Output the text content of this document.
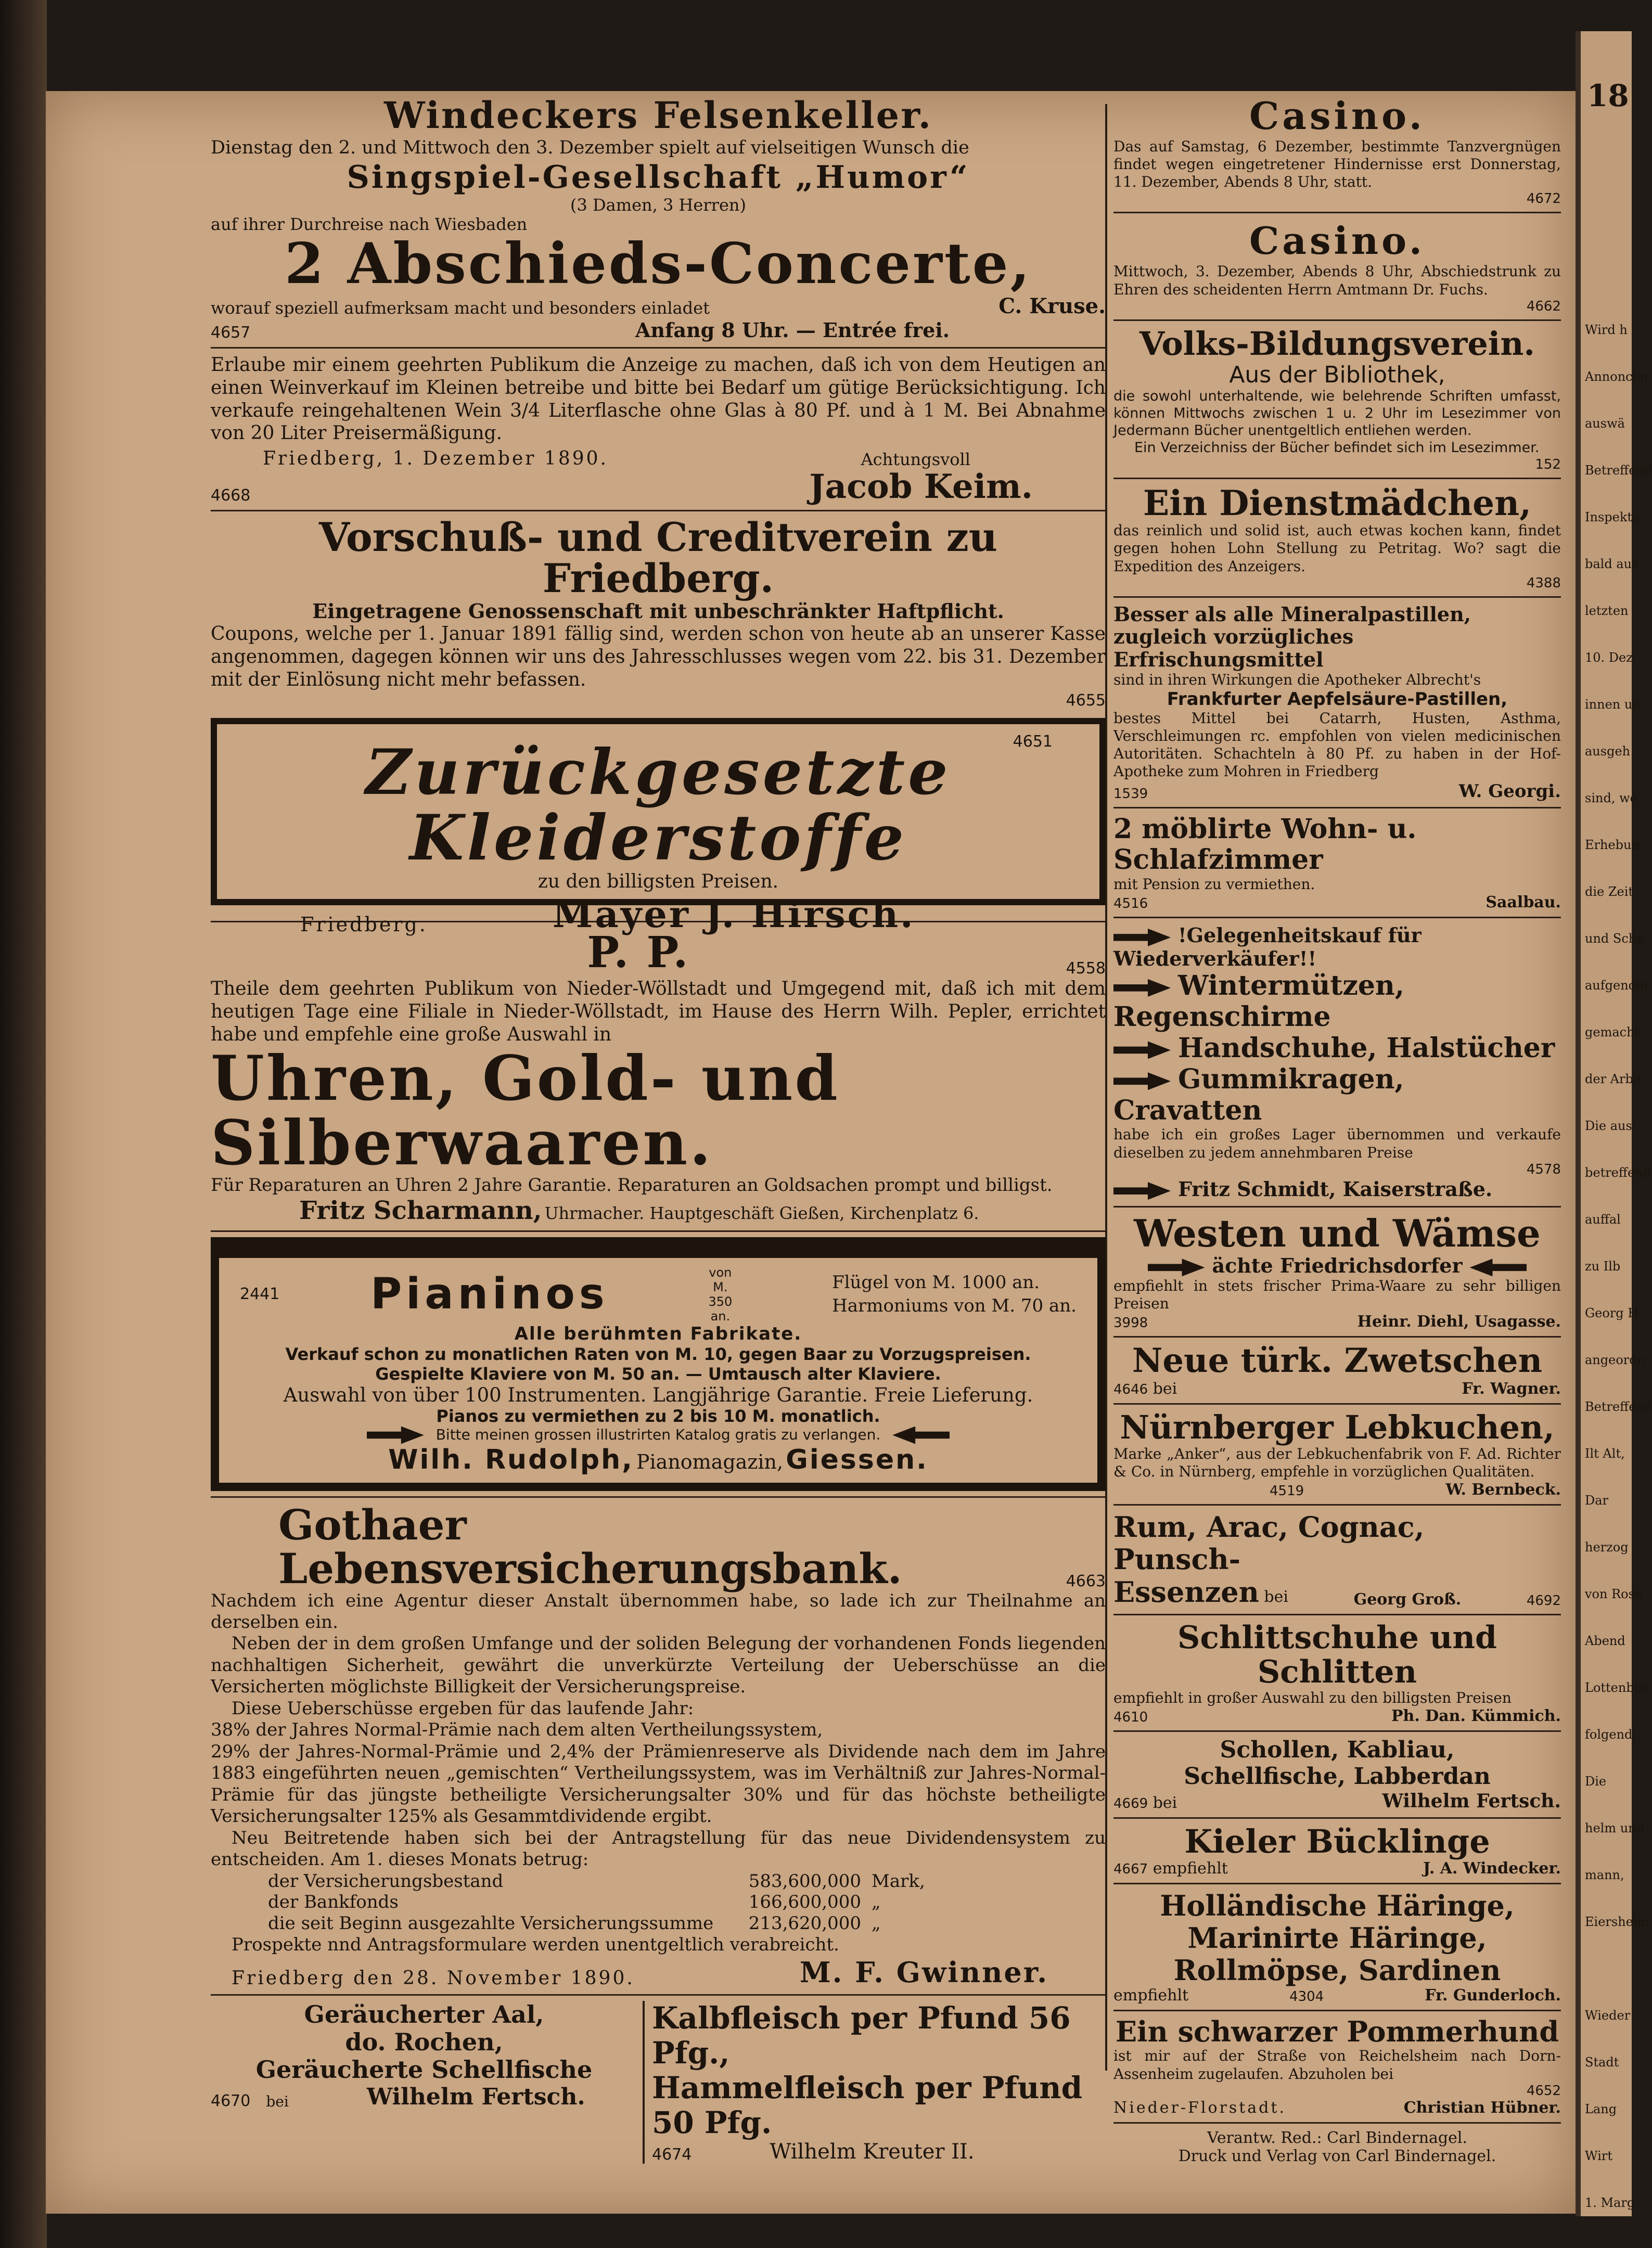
Wird h
Annoncen
auswä
Betreffend
Inspekto
bald aus
letzten
10. Dez
innen un
ausgeh
sind, we
Erhebun
die Zeit
und Sche
aufgenom
gemacht
der Arbe
Die aus
betreffend
auffal
zu Ilb
Georg H
angeordn
Betreffend
Ilt Alt,
Dar
herzog
von Rose
Abend
Lottenbur
folgend,
Die
helm und
mann,
Eiersheim
Wieder
Stadt
Lang
Wirt
1. Marg
18
Windeckers Felsenkeller.
Dienstag den 2. und Mittwoch den 3. Dezember spielt auf vielseitigen Wunsch die
Singspiel-Gesellschaft „Humor“
(3 Damen, 3 Herren)
auf ihrer Durchreise nach Wiesbaden
2 Abschieds-Concerte,
worauf speziell aufmerksam macht und besonders einladet	C. Kruse.
4657	Anfang 8 Uhr. — Entrée frei.
Erlaube mir einem geehrten Publikum die Anzeige zu machen, daß ich von dem Heutigen an einen Weinverkauf im Kleinen betreibe und bitte bei Bedarf um gütige Berücksichtigung. Ich verkaufe reingehaltenen Wein 3/4 Literflasche ohne Glas à 80 Pf. und à 1 M. Bei Abnahme von 20 Liter Preisermäßigung.
Friedberg, 1. Dezember 1890.	Achtungsvoll
4668	Jacob Keim.
Vorschuß- und Creditverein zu Friedberg.
Eingetragene Genossenschaft mit unbeschränkter Haftpflicht.
Coupons, welche per 1. Januar 1891 fällig sind, werden schon von heute ab an unserer Kasse angenommen, dagegen können wir uns des Jahresschlusses wegen vom 22. bis 31. Dezember mit der Einlösung nicht mehr befassen.
4655
4651
Zurückgesetzte Kleiderstoffe
zu den billigsten Preisen.
Friedberg.	Mayer J. Hirsch.
P. P.	4558
Theile dem geehrten Publikum von Nieder-Wöllstadt und Umgegend mit, daß ich mit dem heutigen Tage eine Filiale in Nieder-Wöllstadt, im Hause des Herrn Wilh. Pepler, errichtet habe und empfehle eine große Auswahl in
Uhren, Gold- und Silberwaaren.
Für Reparaturen an Uhren 2 Jahre Garantie. Reparaturen an Goldsachen prompt und billigst.
Fritz Scharmann, Uhrmacher. Hauptgeschäft Gießen, Kirchenplatz 6.
2441 Pianinos	von M. 350 an.
Flügel von M. 1000 an.
Harmoniums von M. 70 an.
Alle berühmten Fabrikate.
Verkauf schon zu monatlichen Raten von M. 10, gegen Baar zu Vorzugspreisen.
Gespielte Klaviere von M. 50 an. — Umtausch alter Klaviere.
Auswahl von über 100 Instrumenten. Langjährige Garantie. Freie Lieferung.
Pianos zu vermiethen zu 2 bis 10 M. monatlich.
Bitte meinen grossen illustrirten Katalog gratis zu verlangen.
Wilh. Rudolph, Pianomagazin, Giessen.
Gothaer Lebensversicherungsbank.	4663
Nachdem ich eine Agentur dieser Anstalt übernommen habe, so lade ich zur Theilnahme an derselben ein.
Neben der in dem großen Umfange und der soliden Belegung der vorhandenen Fonds liegenden nachhaltigen Sicherheit, gewährt die unverkürzte Verteilung der Ueberschüsse an die Versicherten möglichste Billigkeit der Versicherungspreise.
Diese Ueberschüsse ergeben für das laufende Jahr:
38% der Jahres Normal-Prämie nach dem alten Vertheilungssystem,
29% der Jahres-Normal-Prämie und 2,4% der Prämienreserve als Dividende nach dem im Jahre 1883 eingeführten neuen „gemischten“ Vertheilungssystem, was im Verhältniß zur Jahres-Normal-Prämie für das jüngste betheiligte Versicherungsalter 30% und für das höchste betheiligte Versicherungsalter 125% als Gesammtdividende ergibt.
Neu Beitretende haben sich bei der Antragstellung für das neue Dividendensystem zu entscheiden. Am 1. dieses Monats betrug:
der Versicherungsbestand	583,600,000 Mark,
der Bankfonds	166,600,000 „
die seit Beginn ausgezahlte Versicherungssumme	213,620,000 „
Prospekte nnd Antragsformulare werden unentgeltlich verabreicht.
Friedberg den 28. November 1890.	M. F. Gwinner.
Geräucherter Aal,
do. Rochen,
Geräucherte Schellfische
4670 bei	Wilhelm Fertsch.
Kalbfleisch per Pfund 56 Pfg.,
Hammelfleisch per Pfund 50 Pfg.
4674	Wilhelm Kreuter II.
Casino.
Das auf Samstag, 6 Dezember, bestimmte Tanzvergnügen findet wegen eingetretener Hindernisse erst Donnerstag, 11. Dezember, Abends 8 Uhr, statt.
4672
Casino.
Mittwoch, 3. Dezember, Abends 8 Uhr, Abschiedstrunk zu Ehren des scheidenten Herrn Amtmann Dr. Fuchs.
4662
Volks-Bildungsverein.
Aus der Bibliothek,
die sowohl unterhaltende, wie belehrende Schriften umfasst, können Mittwochs zwischen 1 u. 2 Uhr im Lesezimmer von Jedermann Bücher unentgeltlich entliehen werden.
Ein Verzeichniss der Bücher befindet sich im Lesezimmer.
152
Ein Dienstmädchen,
das reinlich und solid ist, auch etwas kochen kann, findet gegen hohen Lohn Stellung zu Petritag. Wo? sagt die Expedition des Anzeigers.
4388
Besser als alle Mineralpastillen, zugleich vorzügliches Erfrischungsmittel
sind in ihren Wirkungen die Apotheker Albrecht's
Frankfurter Aepfelsäure-Pastillen,
bestes Mittel bei Catarrh, Husten, Asthma, Verschleimungen rc. empfohlen von vielen medicinischen Autoritäten. Schachteln à 80 Pf. zu haben in der Hof-Apotheke zum Mohren in Friedberg
1539	W. Georgi.
2 möblirte Wohn- u. Schlafzimmer
mit Pension zu vermiethen.
4516	Saalbau.
!Gelegenheitskauf für Wiederverkäufer!!
Wintermützen, Regenschirme
Handschuhe, Halstücher
Gummikragen, Cravatten
habe ich ein großes Lager übernommen und verkaufe dieselben zu jedem annehmbaren Preise
4578
Fritz Schmidt, Kaiserstraße.
Westen und Wämse
ächte Friedrichsdorfer
empfiehlt in stets frischer Prima-Waare zu sehr billigen Preisen
3998	Heinr. Diehl, Usagasse.
Neue türk. Zwetschen
4646 bei	Fr. Wagner.
Nürnberger Lebkuchen,
Marke „Anker“, aus der Lebkuchenfabrik von F. Ad. Richter & Co. in Nürnberg, empfehle in vorzüglichen Qualitäten.
4519	W. Bernbeck.
Rum, Arac, Cognac, Punsch-
Essenzen bei	Georg Groß.	4692
Schlittschuhe und Schlitten
empfiehlt in großer Auswahl zu den billigsten Preisen
4610	Ph. Dan. Kümmich.
Schollen, Kabliau,
Schellfische, Labberdan
4669 bei	Wilhelm Fertsch.
Kieler Bücklinge
4667 empfiehlt	J. A. Windecker.
Holländische Häringe,
Marinirte Häringe,
Rollmöpse, Sardinen
empfiehlt	4304	Fr. Gunderloch.
Ein schwarzer Pommerhund
ist mir auf der Straße von Reichelsheim nach Dorn-Assenheim zugelaufen. Abzuholen bei
4652
Nieder-Florstadt.	Christian Hübner.
Verantw. Red.: Carl Bindernagel.
Druck und Verlag von Carl Bindernagel.
